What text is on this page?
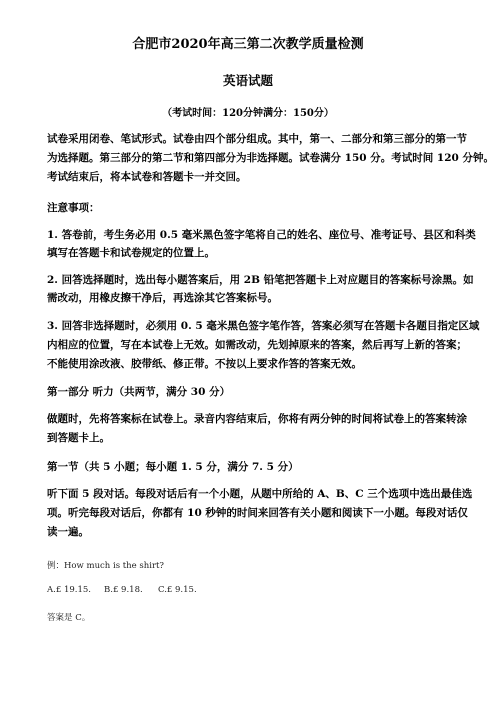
合肥市2020年高三第二次教学质量检测
英语试题
（考试时间：120分钟满分：150分）
试卷采用闭卷、笔试形式。试卷由四个部分组成。其中，第一、二部分和第三部分的第一节
为选择题。第三部分的第二节和第四部分为非选择题。试卷满分 150 分。考试时间 120 分钟。
考试结束后，将本试卷和答题卡一并交回。
注意事项：
1. 答卷前，考生务必用 0.5 毫米黑色签字笔将自己的姓名、座位号、准考证号、县区和科类
填写在答题卡和试卷规定的位置上。
2. 回答选择题时，选出每小题答案后，用 2B 铅笔把答题卡上对应题目的答案标号涂黑。如
需改动，用橡皮擦干净后，再选涂其它答案标号。
3. 回答非选择题时，必须用 0. 5 毫米黑色签字笔作答，答案必须写在答题卡各题目指定区域
内相应的位置，写在本试卷上无效。如需改动，先划掉原来的答案，然后再写上新的答案；
不能使用涂改液、胶带纸、修正带。不按以上要求作答的答案无效。
第一部分 听力（共两节，满分 30 分）
做题时，先将答案标在试卷上。录音内容结束后，你将有两分钟的时间将试卷上的答案转涂
到答题卡上。
第一节（共 5 小题；每小题 1. 5 分，满分 7. 5 分）
听下面 5 段对话。每段对话后有一个小题，从题中所给的 A、B、C 三个选项中选出最佳选
项。听完每段对话后，你都有 10 秒钟的时间来回答有关小题和阅读下一小题。每段对话仅
读一遍。
例：How much is the shirt?
A.£ 19.15. B.£ 9.18. C.£ 9.15.
答案是 C。
